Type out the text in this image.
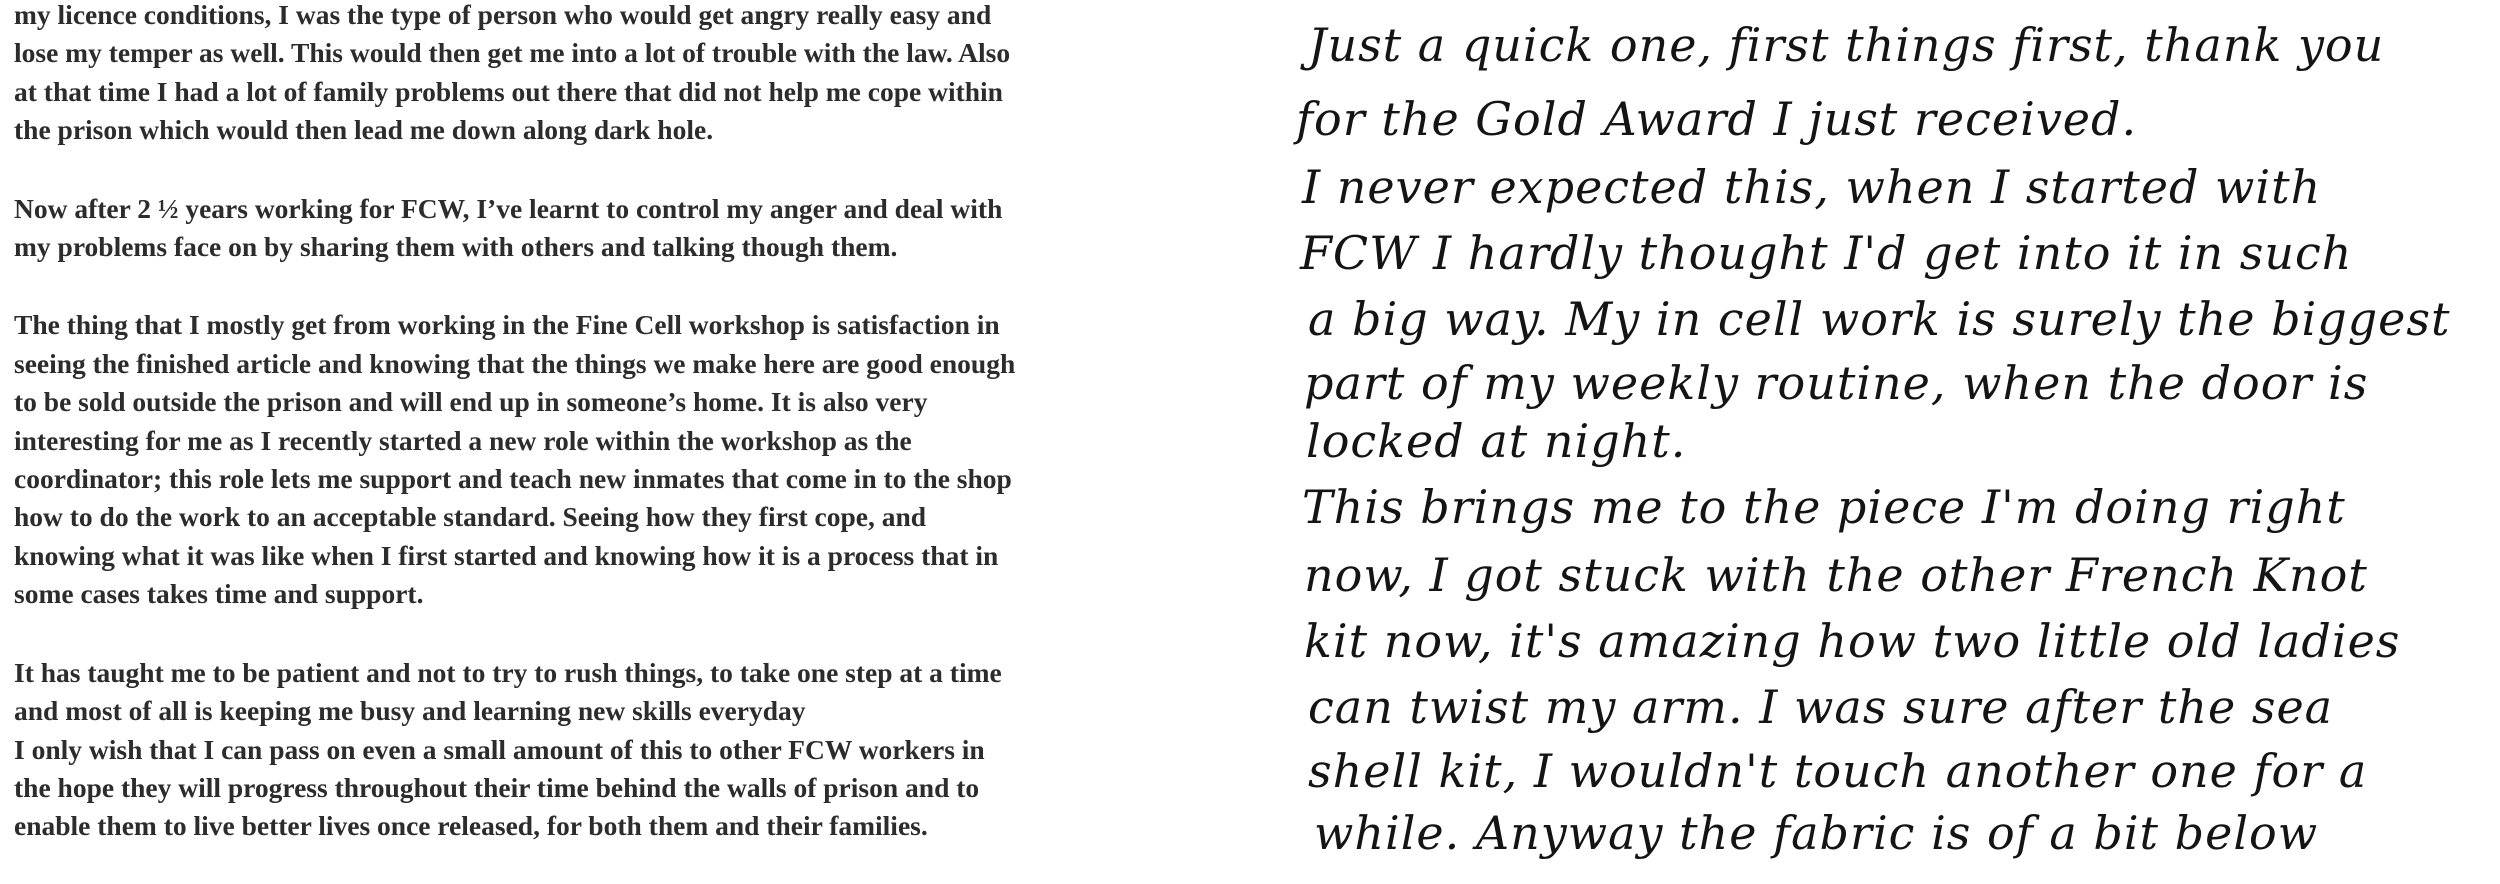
my licence conditions, I was the type of person who would get angry really easy and
lose my temper as well. This would then get me into a lot of trouble with the law. Also
at that time I had a lot of family problems out there that did not help me cope within
the prison which would then lead me down along dark hole.
Now after 2 ½ years working for FCW, I’ve learnt to control my anger and deal with
my problems face on by sharing them with others and talking though them.
The thing that I mostly get from working in the Fine Cell workshop is satisfaction in
seeing the finished article and knowing that the things we make here are good enough
to be sold outside the prison and will end up in someone’s home. It is also very
interesting for me as I recently started a new role within the workshop as the
coordinator; this role lets me support and teach new inmates that come in to the shop
how to do the work to an acceptable standard. Seeing how they first cope, and
knowing what it was like when I first started and knowing how it is a process that in
some cases takes time and support.
It has taught me to be patient and not to try to rush things, to take one step at a time
and most of all is keeping me busy and learning new skills everyday
I only wish that I can pass on even a small amount of this to other FCW workers in
the hope they will progress throughout their time behind the walls of prison and to
enable them to live better lives once released, for both them and their families.
Just a quick one, first things first, thank you
for the Gold Award I just received.
I never expected this, when I started with
FCW I hardly thought I'd get into it in such
a big way. My in cell work is surely the biggest
part of my weekly routine, when the door is
locked at night.
This brings me to the piece I'm doing right
now, I got stuck with the other French Knot
kit now, it's amazing how two little old ladies
can twist my arm. I was sure after the sea
shell kit, I wouldn't touch another one for a
while. Anyway the fabric is of a bit below
